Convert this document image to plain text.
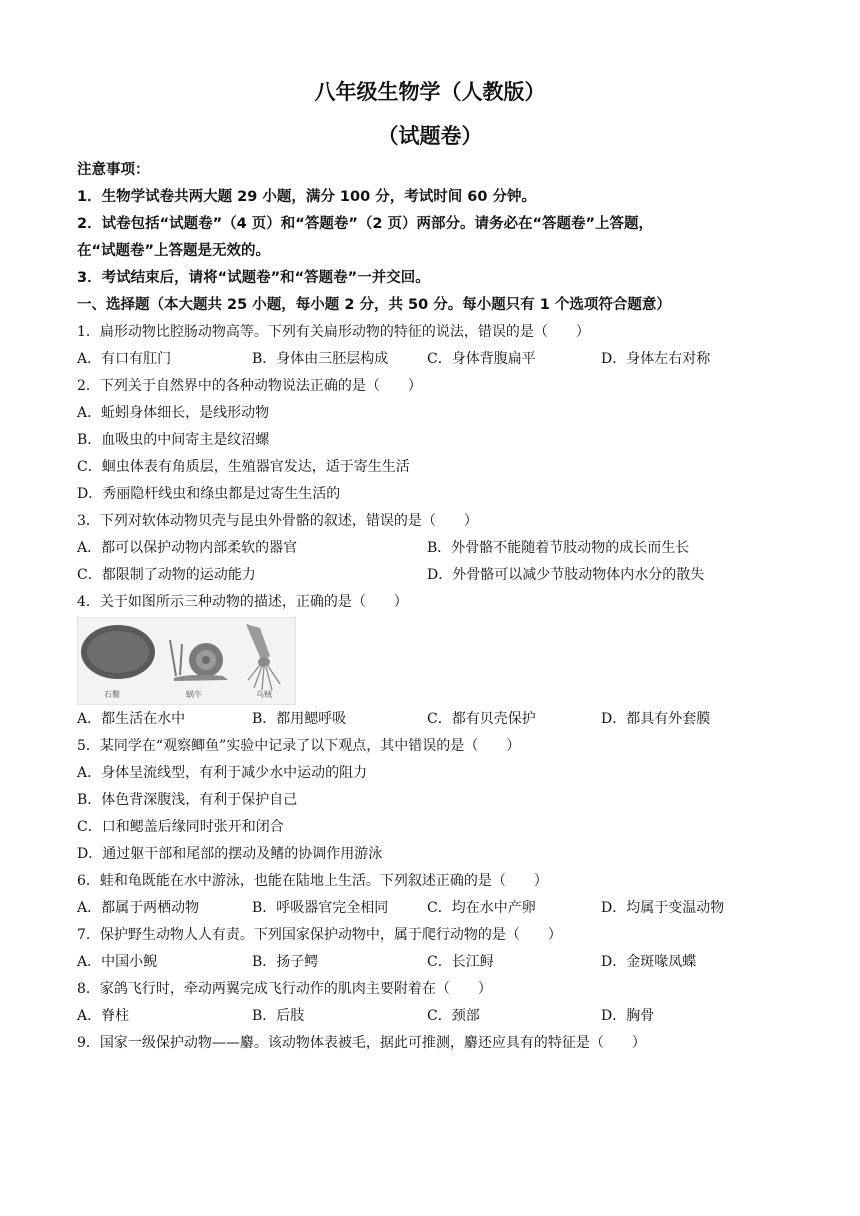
八年级生物学（人教版）
（试题卷）
注意事项：
1．生物学试卷共两大题 29 小题，满分 100 分，考试时间 60 分钟。
2．试卷包括“试题卷”（4 页）和“答题卷”（2 页）两部分。请务必在“答题卷”上答题，
在“试题卷”上答题是无效的。
3．考试结束后，请将“试题卷”和“答题卷”一并交回。
一、选择题（本大题共 25 小题，每小题 2 分，共 50 分。每小题只有 1 个选项符合题意）
1．扁形动物比腔肠动物高等。下列有关扁形动物的特征的说法，错误的是（　　）
A．有口有肛门	B．身体由三胚层构成	C．身体背腹扁平	D．身体左右对称
2．下列关于自然界中的各种动物说法正确的是（　　）
A．蚯蚓身体细长，是线形动物
B．血吸虫的中间寄主是纹沼螺
C．蛔虫体表有角质层，生殖器官发达，适于寄生生活
D．秀丽隐杆线虫和绦虫都是过寄生生活的
3．下列对软体动物贝壳与昆虫外骨骼的叙述，错误的是（　　）
A．都可以保护动物内部柔软的器官	B．外骨骼不能随着节肢动物的成长而生长
C．都限制了动物的运动能力	D．外骨骼可以减少节肢动物体内水分的散失
4．关于如图所示三种动物的描述，正确的是（　　）
石鳖	蜗牛	乌贼
A．都生活在水中	B．都用鳃呼吸	C．都有贝壳保护	D．都具有外套膜
5．某同学在“观察鲫鱼”实验中记录了以下观点，其中错误的是（　　）
A．身体呈流线型，有利于减少水中运动的阻力
B．体色背深腹浅，有利于保护自己
C．口和鳃盖后缘同时张开和闭合
D．通过躯干部和尾部的摆动及鳍的协调作用游泳
6．蛙和龟既能在水中游泳，也能在陆地上生活。下列叙述正确的是（　　）
A．都属于两栖动物	B．呼吸器官完全相同	C．均在水中产卵	D．均属于变温动物
7．保护野生动物人人有责。下列国家保护动物中，属于爬行动物的是（　　）
A．中国小鲵	B．扬子鳄	C．长江鲟	D．金斑喙凤蝶
8．家鸽飞行时，牵动两翼完成飞行动作的肌肉主要附着在（　　）
A．脊柱	B．后肢	C．颈部	D．胸骨
9．国家一级保护动物——麝。该动物体表被毛，据此可推测，麝还应具有的特征是（　　）
